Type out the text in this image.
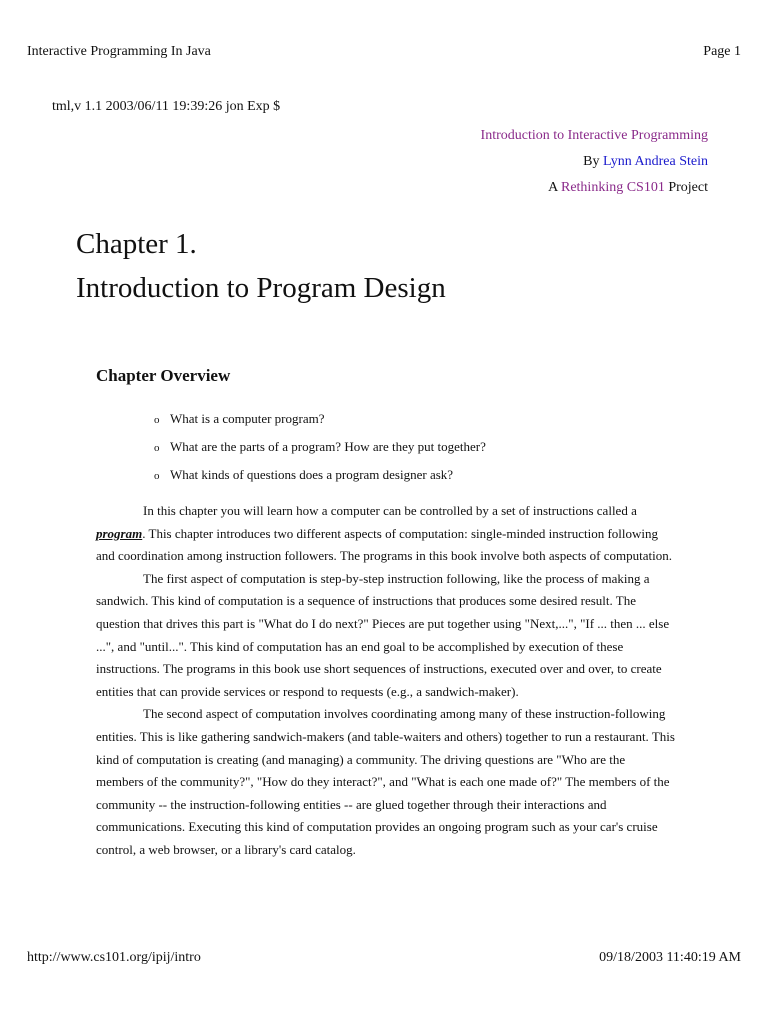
Interactive Programming In Java	Page 1
tml,v 1.1 2003/06/11 19:39:26 jon Exp $
Introduction to Interactive Programming
By Lynn Andrea Stein
A Rethinking CS101 Project
Chapter 1.
Introduction to Program Design
Chapter Overview
o What is a computer program?
o What are the parts of a program? How are they put together?
o What kinds of questions does a program designer ask?

In this chapter you will learn how a computer can be controlled by a set of instructions called a program. This chapter introduces two different aspects of computation: single-minded instruction following and coordination among instruction followers. The programs in this book involve both aspects of computation.

The first aspect of computation is step-by-step instruction following, like the process of making a sandwich. This kind of computation is a sequence of instructions that produces some desired result. The question that drives this part is "What do I do next?" Pieces are put together using "Next,...", "If ... then ... else ...", and "until...". This kind of computation has an end goal to be accomplished by execution of these instructions. The programs in this book use short sequences of instructions, executed over and over, to create entities that can provide services or respond to requests (e.g., a sandwich-maker).

The second aspect of computation involves coordinating among many of these instruction-following entities. This is like gathering sandwich-makers (and table-waiters and others) together to run a restaurant. This kind of computation is creating (and managing) a community. The driving questions are "Who are the members of the community?", "How do they interact?", and "What is each one made of?" The members of the community -- the instruction-following entities -- are glued together through their interactions and communications. Executing this kind of computation provides an ongoing program such as your car's cruise control, a web browser, or a library's card catalog.

http://www.cs101.org/ipij/intro	09/18/2003 11:40:19 AM
